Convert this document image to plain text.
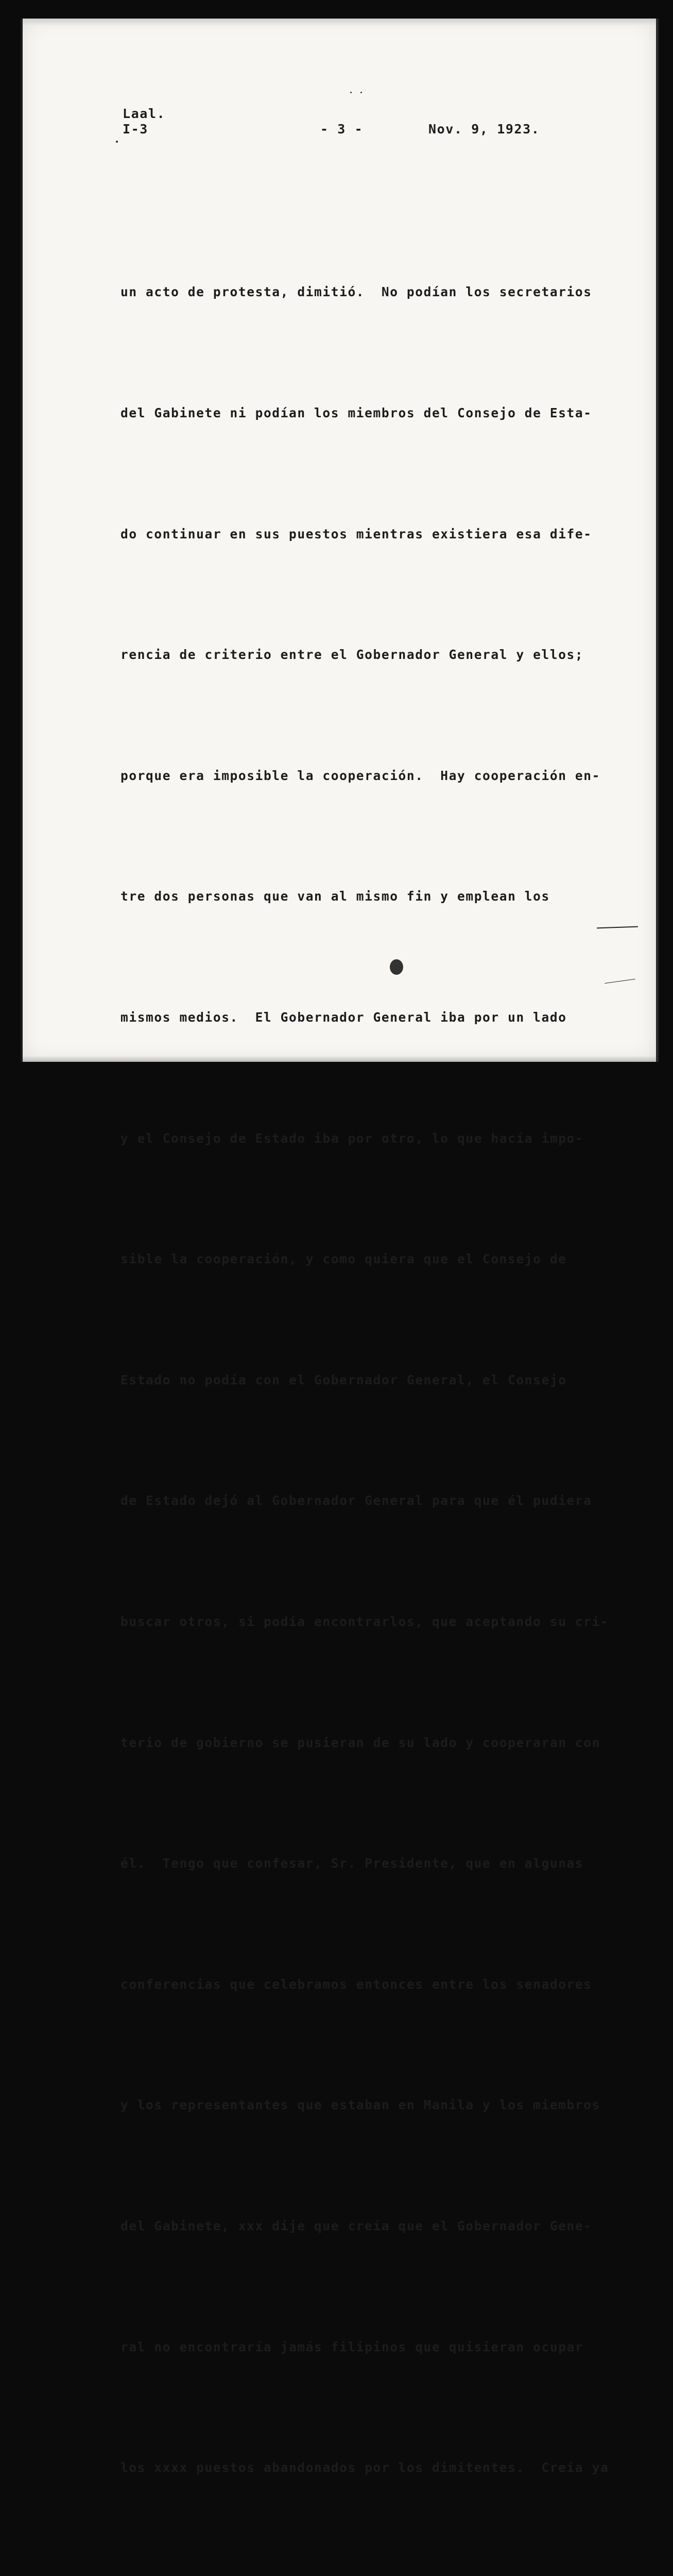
Laal.
I-3	- 3 -	Nov. 9, 1923.

un acto de protesta, dimitió.  No podían los secretarios

del Gabinete ni podían los miembros del Consejo de Esta-

do continuar en sus puestos mientras existiera esa dife-

rencia de criterio entre el Gobernador General y ellos;

porque era imposible la cooperación.  Hay cooperación en-

tre dos personas que van al mismo fin y emplean los

mismos medios.  El Gobernador General iba por un lado

y el Consejo de Estado iba por otro, lo que hacía impo-

sible la cooperación, y como quiera que el Consejo de

Estado no podía con el Gobernador General, el Consejo

de Estado dejó al Gobernador General para que él pudiera

buscar otros, si podía encontrarlos, que aceptando su cri-

terio de gobierno se pusieran de su lado y cooperaran con

él.  Tengo que confesar, Sr. Presidente, que en algunas

conferencias que celebramos entonces entre los senadores

y los representantes que estaban en Manila y los miembros

del Gabinete, xxx dije que creía que el Gobernador Gene-

ral no encontraría jamás filipinos que quisieran ocupar

los xxxx puestos abandonados por los dimitentes.  Creía ya
